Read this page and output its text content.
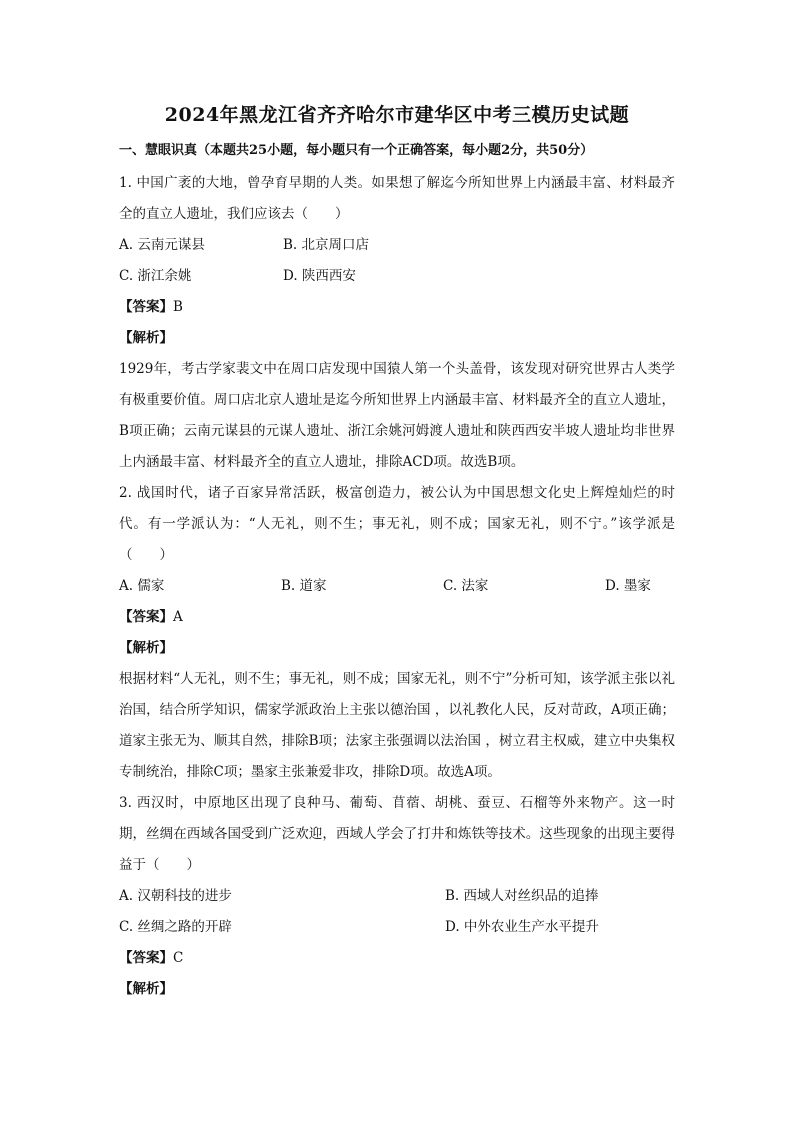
2024年黑龙江省齐齐哈尔市建华区中考三模历史试题
一、慧眼识真（本题共25小题，每小题只有一个正确答案，每小题2分，共50分）

1. 中国广袤的大地，曾孕育早期的人类。如果想了解迄今所知世界上内涵最丰富、材料最齐全的直立人遗址，我们应该去（　　）

A. 云南元谋县	B. 北京周口店
C. 浙江余姚	D. 陕西西安
【答案】B
【解析】

1929年，考古学家裴文中在周口店发现中国猿人第一个头盖骨，该发现对研究世界古人类学有极重要价值。周口店北京人遗址是迄今所知世界上内涵最丰富、材料最齐全的直立人遗址，B项正确；云南元谋县的元谋人遗址、浙江余姚河姆渡人遗址和陕西西安半坡人遗址均非世界上内涵最丰富、材料最齐全的直立人遗址，排除ACD项。故选B项。

2. 战国时代，诸子百家异常活跃，极富创造力，被公认为中国思想文化史上辉煌灿烂的时代。有一学派认为：“人无礼，则不生；事无礼，则不成；国家无礼，则不宁。”该学派是（　　）

A. 儒家	B. 道家	C. 法家	D. 墨家
【答案】A
【解析】

根据材料“人无礼，则不生；事无礼，则不成；国家无礼，则不宁”分析可知，该学派主张以礼治国，结合所学知识，儒家学派政治上主张以德治国 ，以礼教化人民，反对苛政，A项正确；道家主张无为、顺其自然，排除B项；法家主张强调以法治国 ，树立君主权威，建立中央集权专制统治，排除C项；墨家主张兼爱非攻，排除D项。故选A项。

3. 西汉时，中原地区出现了良种马、葡萄、苜蓿、胡桃、蚕豆、石榴等外来物产。这一时期，丝绸在西域各国受到广泛欢迎，西域人学会了打井和炼铁等技术。这些现象的出现主要得益于（　　）

A. 汉朝科技的进步	B. 西域人对丝织品的追捧
C. 丝绸之路的开辟	D. 中外农业生产水平提升
【答案】C
【解析】
